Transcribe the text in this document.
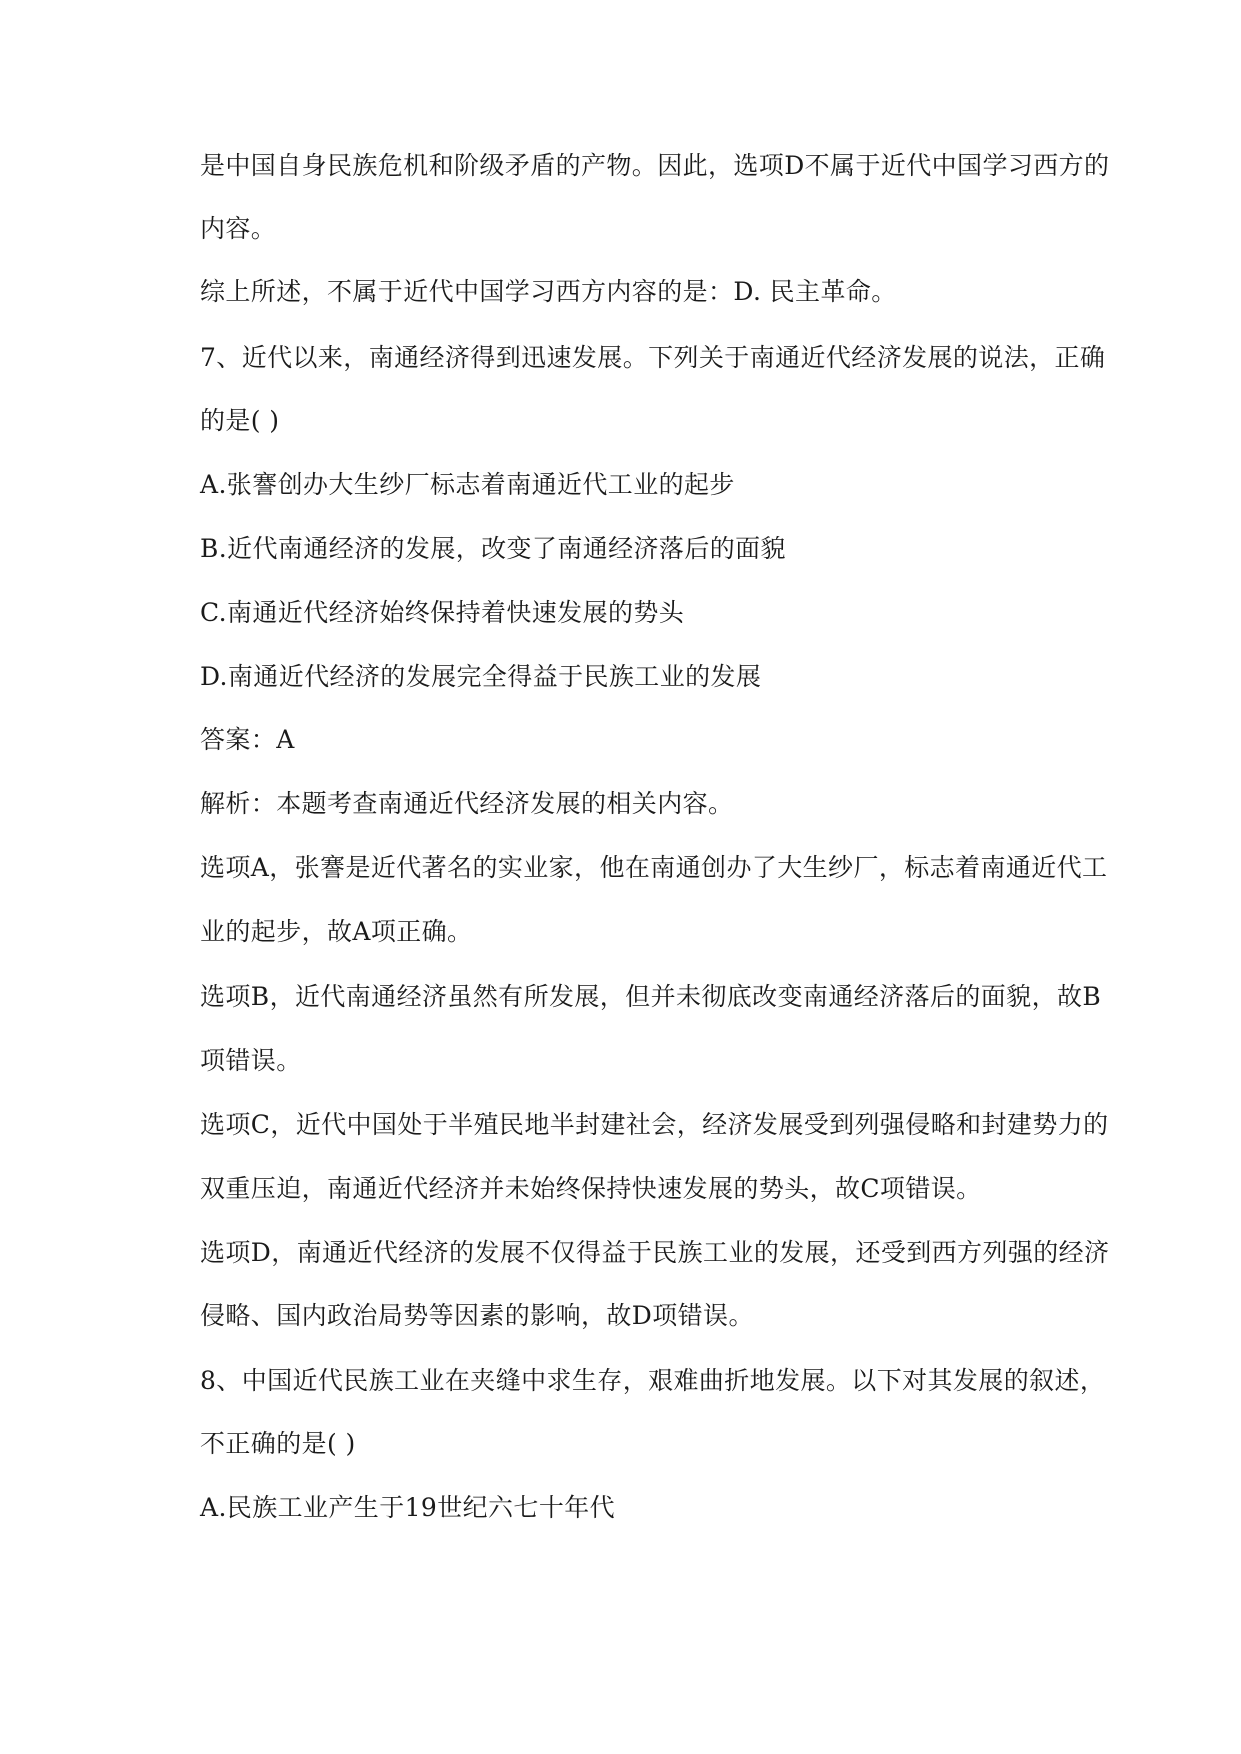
是中国自身民族危机和阶级矛盾的产物。因此，选项D不属于近代中国学习西方的
内容。
综上所述，不属于近代中国学习西方内容的是：D. 民主革命。
7、近代以来，南通经济得到迅速发展。下列关于南通近代经济发展的说法，正确
的是( )
A.张謇创办大生纱厂标志着南通近代工业的起步
B.近代南通经济的发展，改变了南通经济落后的面貌
C.南通近代经济始终保持着快速发展的势头
D.南通近代经济的发展完全得益于民族工业的发展
答案：A
解析：本题考查南通近代经济发展的相关内容。
选项A，张謇是近代著名的实业家，他在南通创办了大生纱厂，标志着南通近代工
业的起步，故A项正确。
选项B，近代南通经济虽然有所发展，但并未彻底改变南通经济落后的面貌，故B
项错误。
选项C，近代中国处于半殖民地半封建社会，经济发展受到列强侵略和封建势力的
双重压迫，南通近代经济并未始终保持快速发展的势头，故C项错误。
选项D，南通近代经济的发展不仅得益于民族工业的发展，还受到西方列强的经济
侵略、国内政治局势等因素的影响，故D项错误。
8、中国近代民族工业在夹缝中求生存，艰难曲折地发展。以下对其发展的叙述，
不正确的是( )
A.民族工业产生于19世纪六七十年代
